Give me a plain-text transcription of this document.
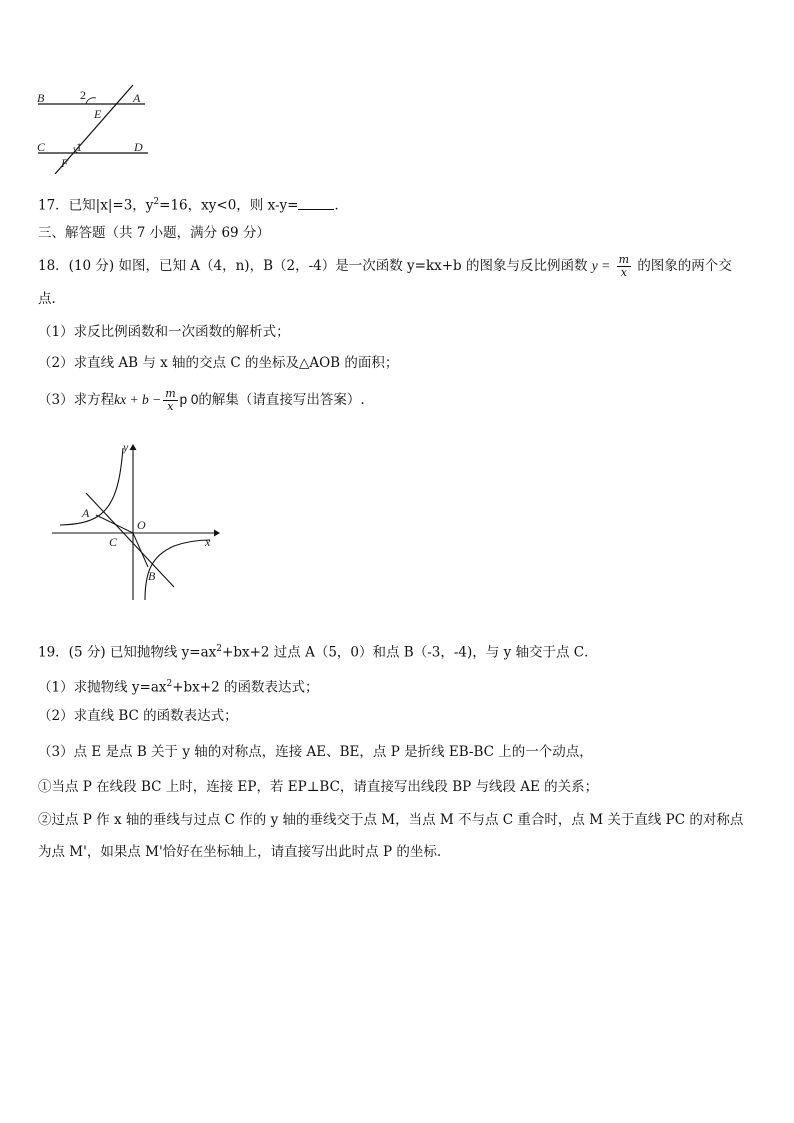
B	2	A
E
C	1	D
F
17．已知|x|=3，$y^2=16$，xy<0，则 x-y=	．
三、解答题（共 7 小题，满分 69 分）
18．(10 分) 如图，已知 A（4，n)，B（2，-4）是一次函数 y=kx+b 的图象与反比例函数 $y = \frac{m}{x}$ 的图象的两个交
点.
（1）求反比例函数和一次函数的解析式；
（2）求直线 AB 与 x 轴的交点 C 的坐标及△AOB 的面积；
（3）求方程kx + $b - \frac{m}{x}$ p 0的解集（请直接写出答案）.
y
A
O
C	x
B
19．(5 分) 已知抛物线 $y=ax^2+bx+2$ 过点 A（5，0）和点 B（-3，-4)，与 y 轴交于点 C．
（1）求抛物线 $y=ax^2+bx+2$ 的函数表达式；
（2）求直线 BC 的函数表达式；
（3）点 E 是点 B 关于 y 轴的对称点，连接 AE、BE，点 P 是折线 EB-BC 上的一个动点，
①当点 P 在线段 BC 上时，连接 EP，若 EP⊥BC，请直接写出线段 BP 与线段 AE 的关系；
②过点 P 作 x 轴的垂线与过点 C 作的 y 轴的垂线交于点 M，当点 M 不与点 C 重合时，点 M 关于直线 PC 的对称点
为点 M'，如果点 M'恰好在坐标轴上，请直接写出此时点 P 的坐标.
